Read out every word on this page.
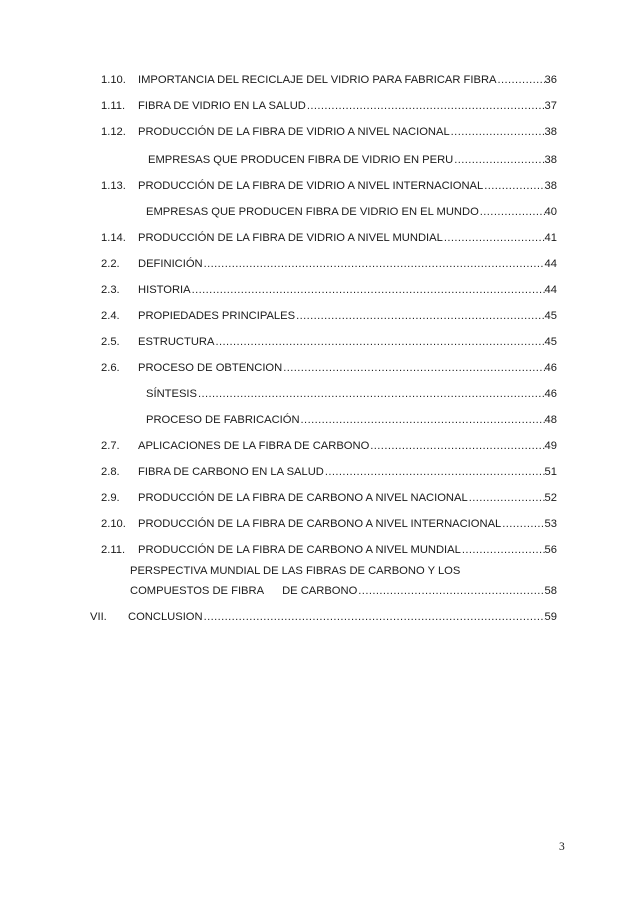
1.10.	IMPORTANCIA DEL RECICLAJE DEL VIDRIO PARA FABRICAR FIBRA .....	36
1.11.	FIBRA DE VIDRIO EN LA SALUD .....	37
1.12.	PRODUCCIÓN DE LA FIBRA DE VIDRIO A NIVEL NACIONAL .....	38
EMPRESAS QUE PRODUCEN FIBRA DE VIDRIO EN PERU .....	38
1.13.	PRODUCCIÓN DE LA FIBRA DE VIDRIO A NIVEL INTERNACIONAL .....	38
EMPRESAS QUE PRODUCEN FIBRA DE VIDRIO EN EL MUNDO .....	40
1.14.	PRODUCCIÓN DE LA FIBRA DE VIDRIO A NIVEL MUNDIAL .....	41
2.2.	DEFINICIÓN .....	44
2.3.	HISTORIA .....	44
2.4.	PROPIEDADES PRINCIPALES .....	45
2.5.	ESTRUCTURA .....	45
2.6.	PROCESO DE OBTENCION .....	46
SÍNTESIS .....	46
PROCESO DE FABRICACIÓN .....	48
2.7.	APLICACIONES DE LA FIBRA DE CARBONO .....	49
2.8.	FIBRA DE CARBONO EN LA SALUD .....	51
2.9.	PRODUCCIÓN DE LA FIBRA DE CARBONO A NIVEL NACIONAL .....	52
2.10.	PRODUCCIÓN DE LA FIBRA DE CARBONO A NIVEL INTERNACIONAL .....	53
2.11.	PRODUCCIÓN DE LA FIBRA DE CARBONO A NIVEL MUNDIAL .....	56
PERSPECTIVA MUNDIAL DE LAS FIBRAS DE CARBONO Y LOS
COMPUESTOS DE FIBRA DE CARBONO .....	58
VII.	CONCLUSION .....	59
3
